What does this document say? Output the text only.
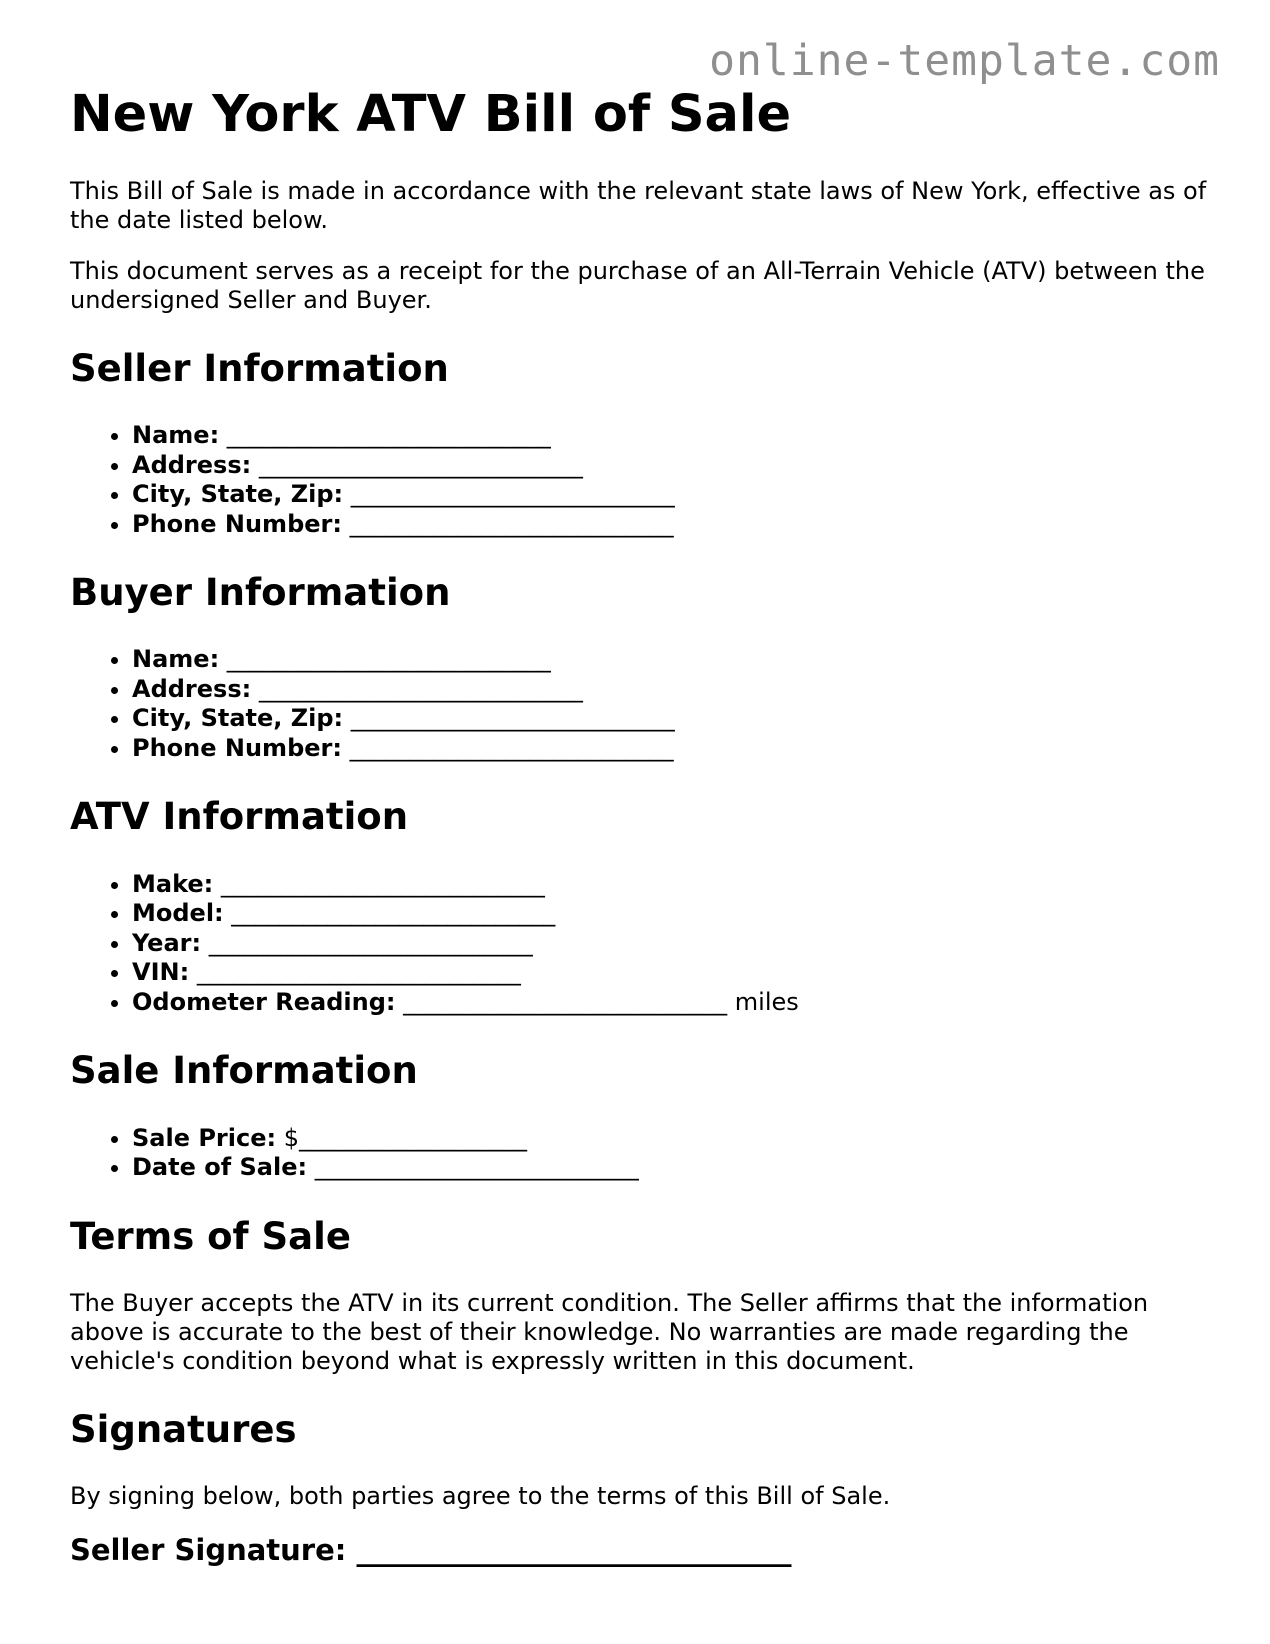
online-template.com
New York ATV Bill of Sale

This Bill of Sale is made in accordance with the relevant state laws of New York, effective as of the date listed below.

This document serves as a receipt for the purchase of an All-Terrain Vehicle (ATV) between the undersigned Seller and Buyer.

Seller Information
• Name: ___________________________
• Address: ___________________________
• City, State, Zip: ___________________________
• Phone Number: ___________________________
Buyer Information
• Name: ___________________________
• Address: ___________________________
• City, State, Zip: ___________________________
• Phone Number: ___________________________
ATV Information
• Make: ___________________________
• Model: ___________________________
• Year: ___________________________
• VIN: ___________________________
• Odometer Reading: ___________________________ miles
Sale Information
• Sale Price: $___________________
• Date of Sale: ___________________________
Terms of Sale

The Buyer accepts the ATV in its current condition. The Seller affirms that the information above is accurate to the best of their knowledge. No warranties are made regarding the vehicle's condition beyond what is expressly written in this document.

Signatures

By signing below, both parties agree to the terms of this Bill of Sale.

Seller Signature: ______________________________
